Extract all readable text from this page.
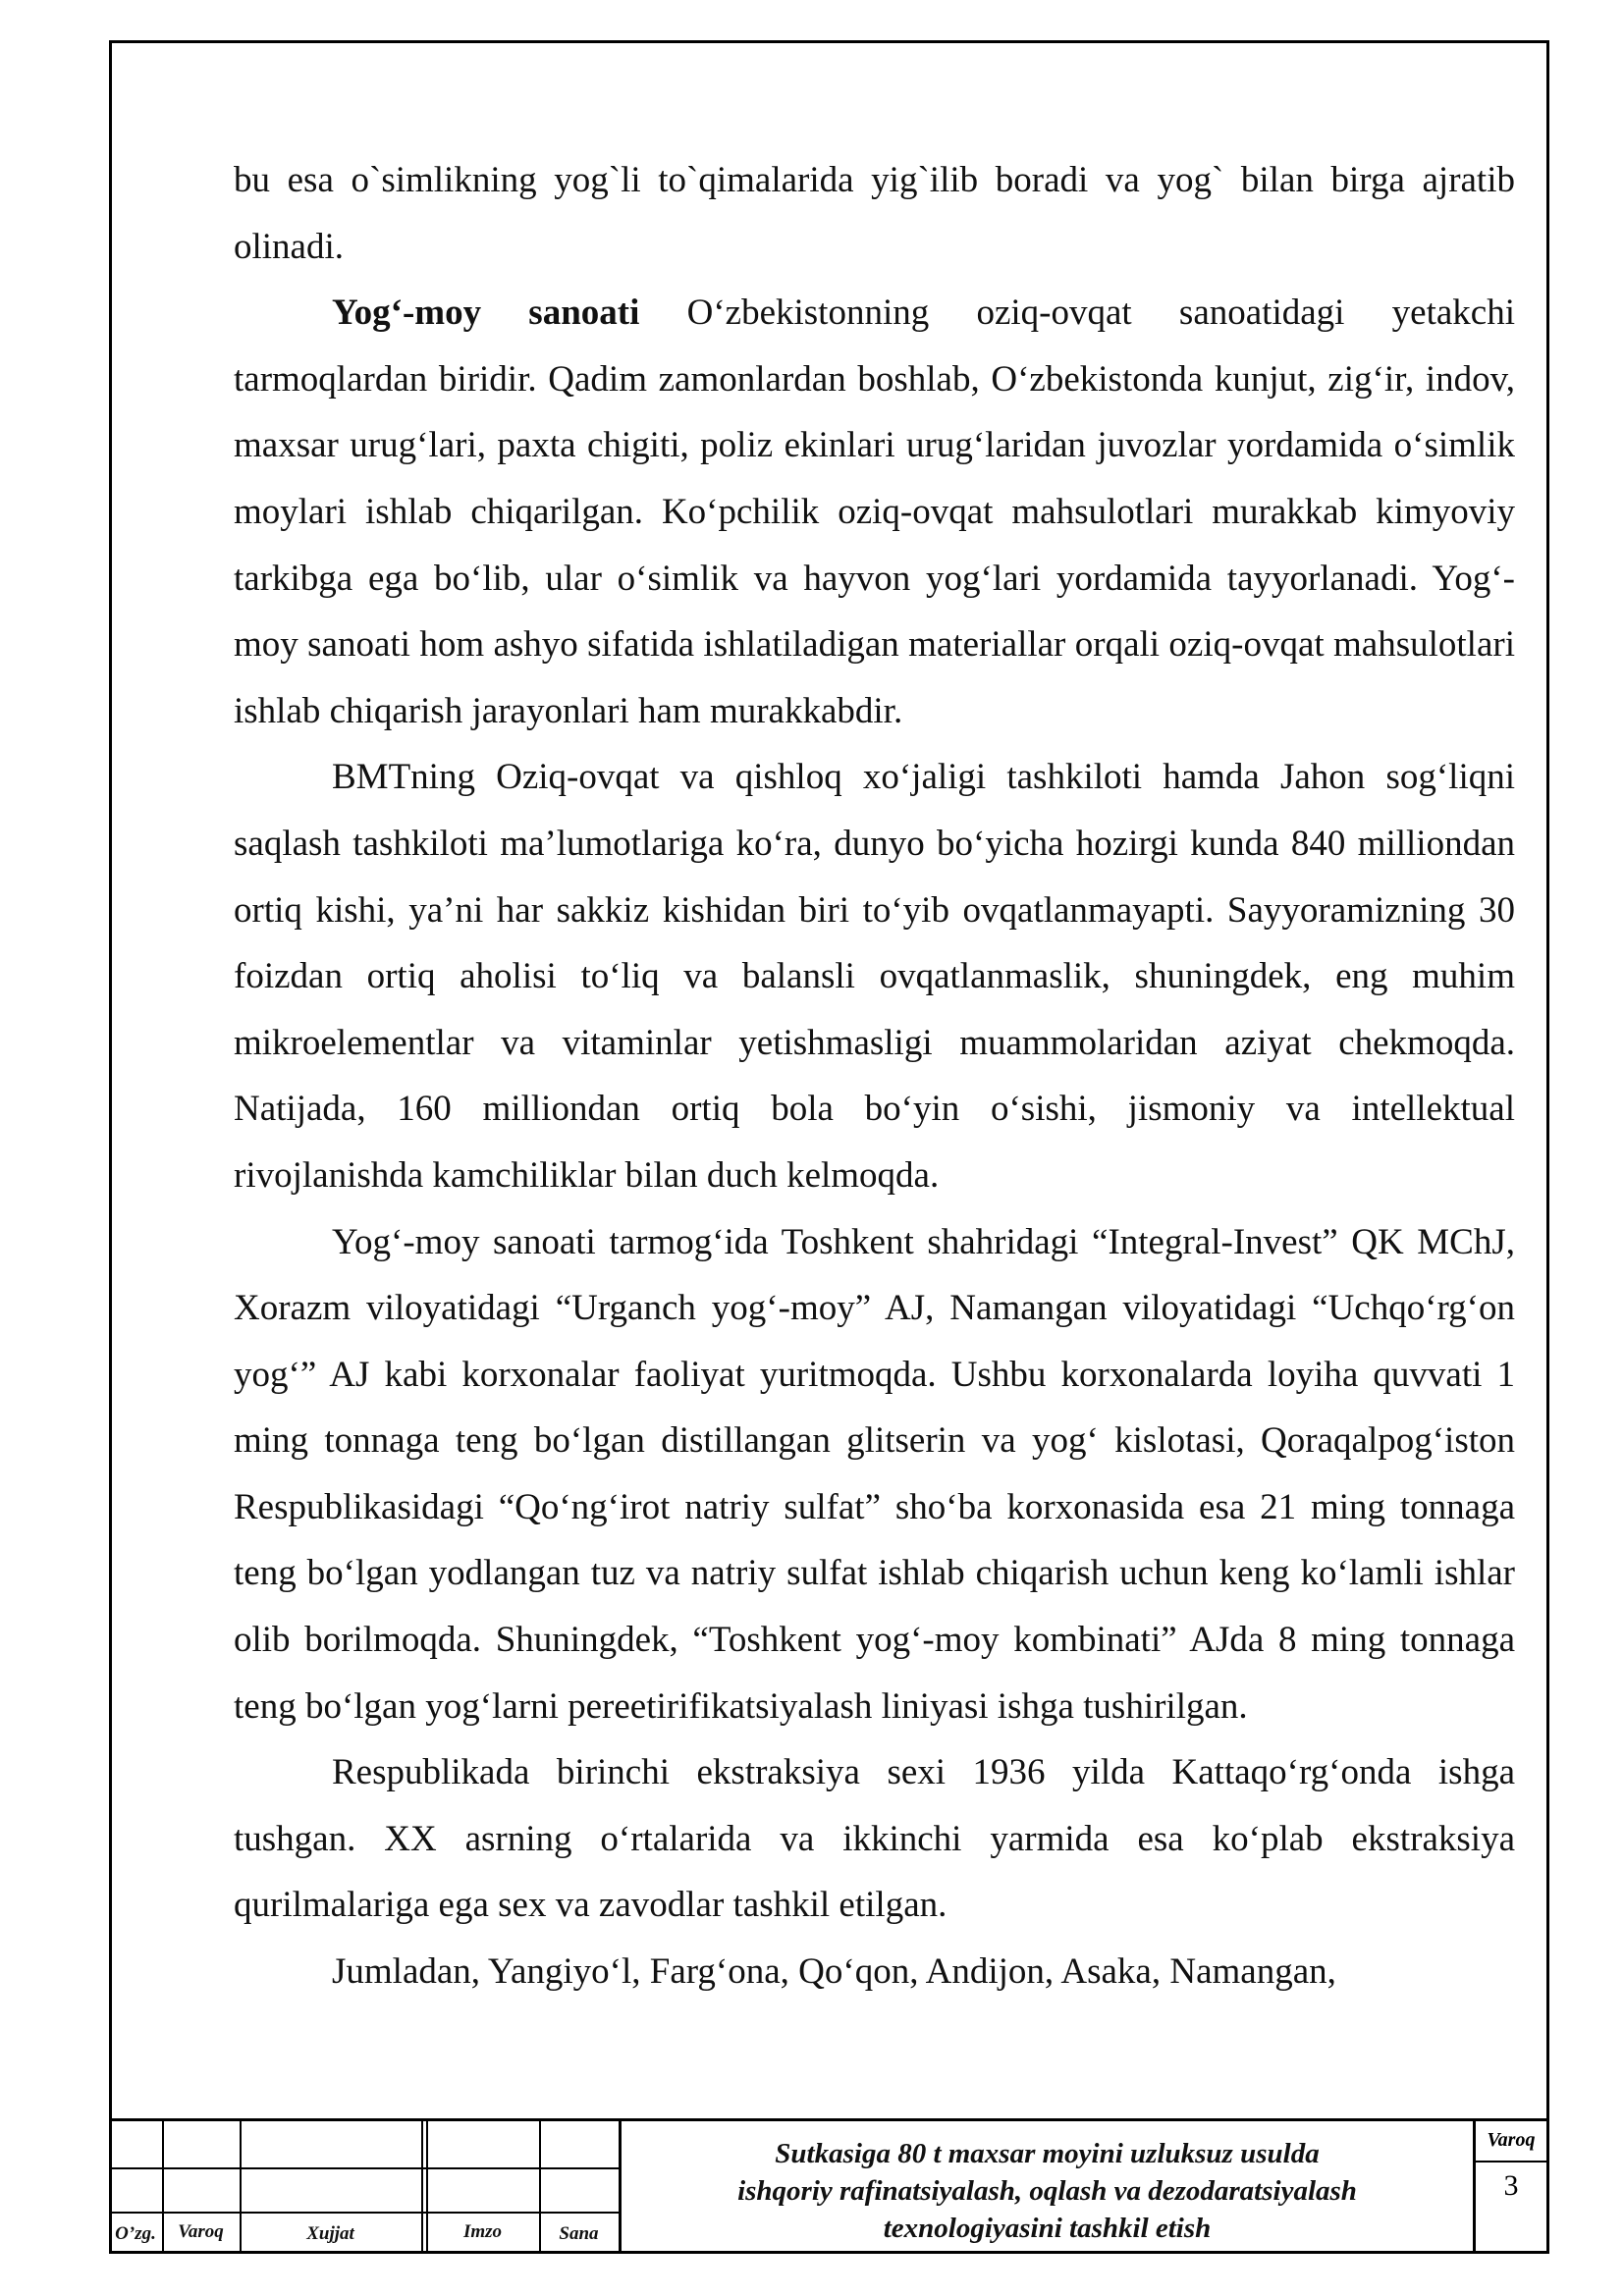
bu esa o`simlikning yog`li to`qimalarida yig`ilib boradi va yog` bilan birga ajratib olinadi.

Yog‘-moy sanoati O‘zbekistonning oziq-ovqat sanoatidagi yetakchi tarmoqlardan biridir. Qadim zamonlardan boshlab, O‘zbekistonda kunjut, zig‘ir, indov, maxsar urug‘lari, paxta chigiti, poliz ekinlari urug‘laridan juvozlar yordamida o‘simlik moylari ishlab chiqarilgan. Ko‘pchilik oziq-ovqat mahsulotlari murakkab kimyoviy tarkibga ega bo‘lib, ular o‘simlik va hayvon yog‘lari yordamida tayyorlanadi. Yog‘-moy sanoati hom ashyo sifatida ishlatiladigan materiallar orqali oziq-ovqat mahsulotlari ishlab chiqarish jarayonlari ham murakkabdir.

BMTning Oziq-ovqat va qishloq xo‘jaligi tashkiloti hamda Jahon sog‘liqni saqlash tashkiloti ma’lumotlariga ko‘ra, dunyo bo‘yicha hozirgi kunda 840 milliondan ortiq kishi, ya’ni har sakkiz kishidan biri to‘yib ovqatlanmayapti. Sayyoramizning 30 foizdan ortiq aholisi to‘liq va balansli ovqatlanmaslik, shuningdek, eng muhim mikroelementlar va vitaminlar yetishmasligi muammolaridan aziyat chekmoqda. Natijada, 160 milliondan ortiq bola bo‘yin o‘sishi, jismoniy va intellektual rivojlanishda kamchiliklar bilan duch kelmoqda.

Yog‘-moy sanoati tarmog‘ida Toshkent shahridagi “Integral-Invest” QK MChJ, Xorazm viloyatidagi “Urganch yog‘-moy” AJ, Namangan viloyatidagi “Uchqo‘rg‘on yog‘” AJ kabi korxonalar faoliyat yuritmoqda. Ushbu korxonalarda loyiha quvvati 1 ming tonnaga teng bo‘lgan distillangan glitserin va yog‘ kislotasi, Qoraqalpog‘iston Respublikasidagi “Qo‘ng‘irot natriy sulfat” sho‘ba korxonasida esa 21 ming tonnaga teng bo‘lgan yodlangan tuz va natriy sulfat ishlab chiqarish uchun keng ko‘lamli ishlar olib borilmoqda. Shuningdek, “Toshkent yog‘-moy kombinati” AJda 8 ming tonnaga teng bo‘lgan yog‘larni pereetirifikatsiyalash liniyasi ishga tushirilgan.

Respublikada birinchi ekstraksiya sexi 1936 yilda Kattaqo‘rg‘onda ishga tushgan. XX asrning o‘rtalarida va ikkinchi yarmida esa ko‘plab ekstraksiya qurilmalariga ega sex va zavodlar tashkil etilgan.

Jumladan, Yangiyo‘l, Farg‘ona, Qo‘qon, Andijon, Asaka, Namangan,

O’zg.	Varoq	Xujjat	Imzo	Sana
Sutkasiga 80 t maxsar moyini uzluksuz usulda
ishqoriy rafinatsiyalash, oqlash va dezodaratsiyalash
texnologiyasini tashkil etish
Varoq
3
